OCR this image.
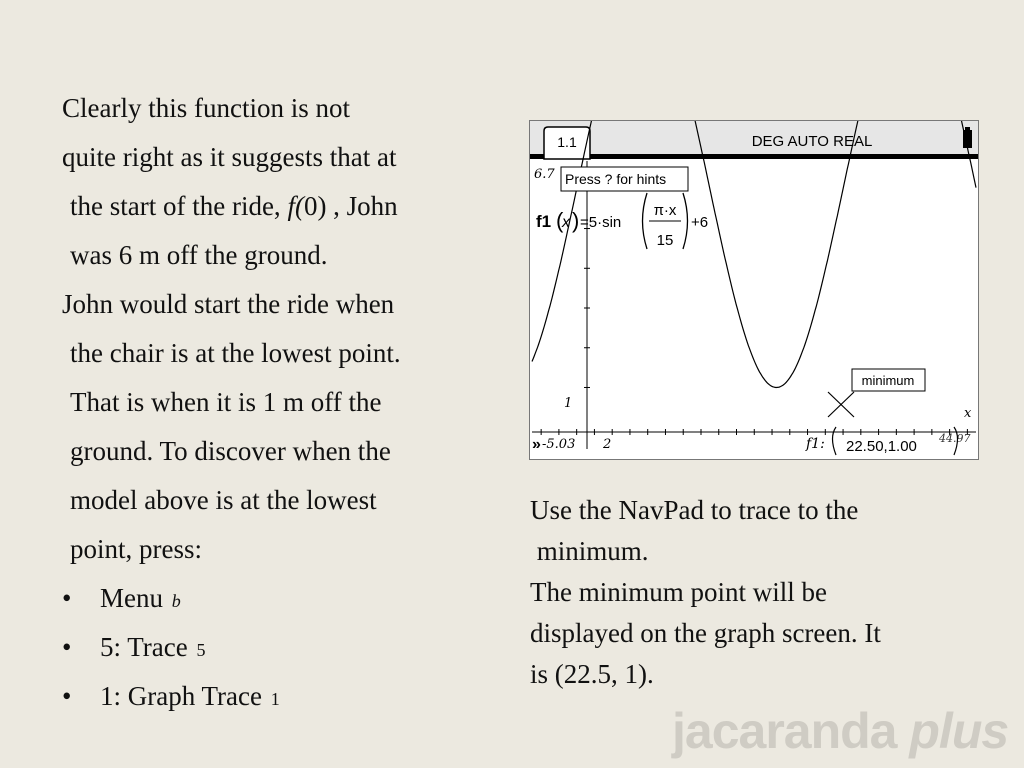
Clearly this function is not
quite right as it suggests that at
the start of the ride, f(0) , John
was 6 m off the ground.
John would start the ride when
the chair is at the lowest point.
That is when it is 1 m off the
ground. To discover when the
model above is at the lowest
point, press:
• Menu b
• 5: Trace 5
• 1: Graph Trace 1
1.1	DEG AUTO REAL
6.7 Press ? for hints
f1 (
x ) =5·sin
π·x
15
+6
1
x
minimum
» -5.03 2	f1:	44.97
22.50,1.00

Use the NavPad to trace to the

minimum.

The minimum point will be

displayed on the graph screen. It

is (22.5, 1).

jacaranda plus
